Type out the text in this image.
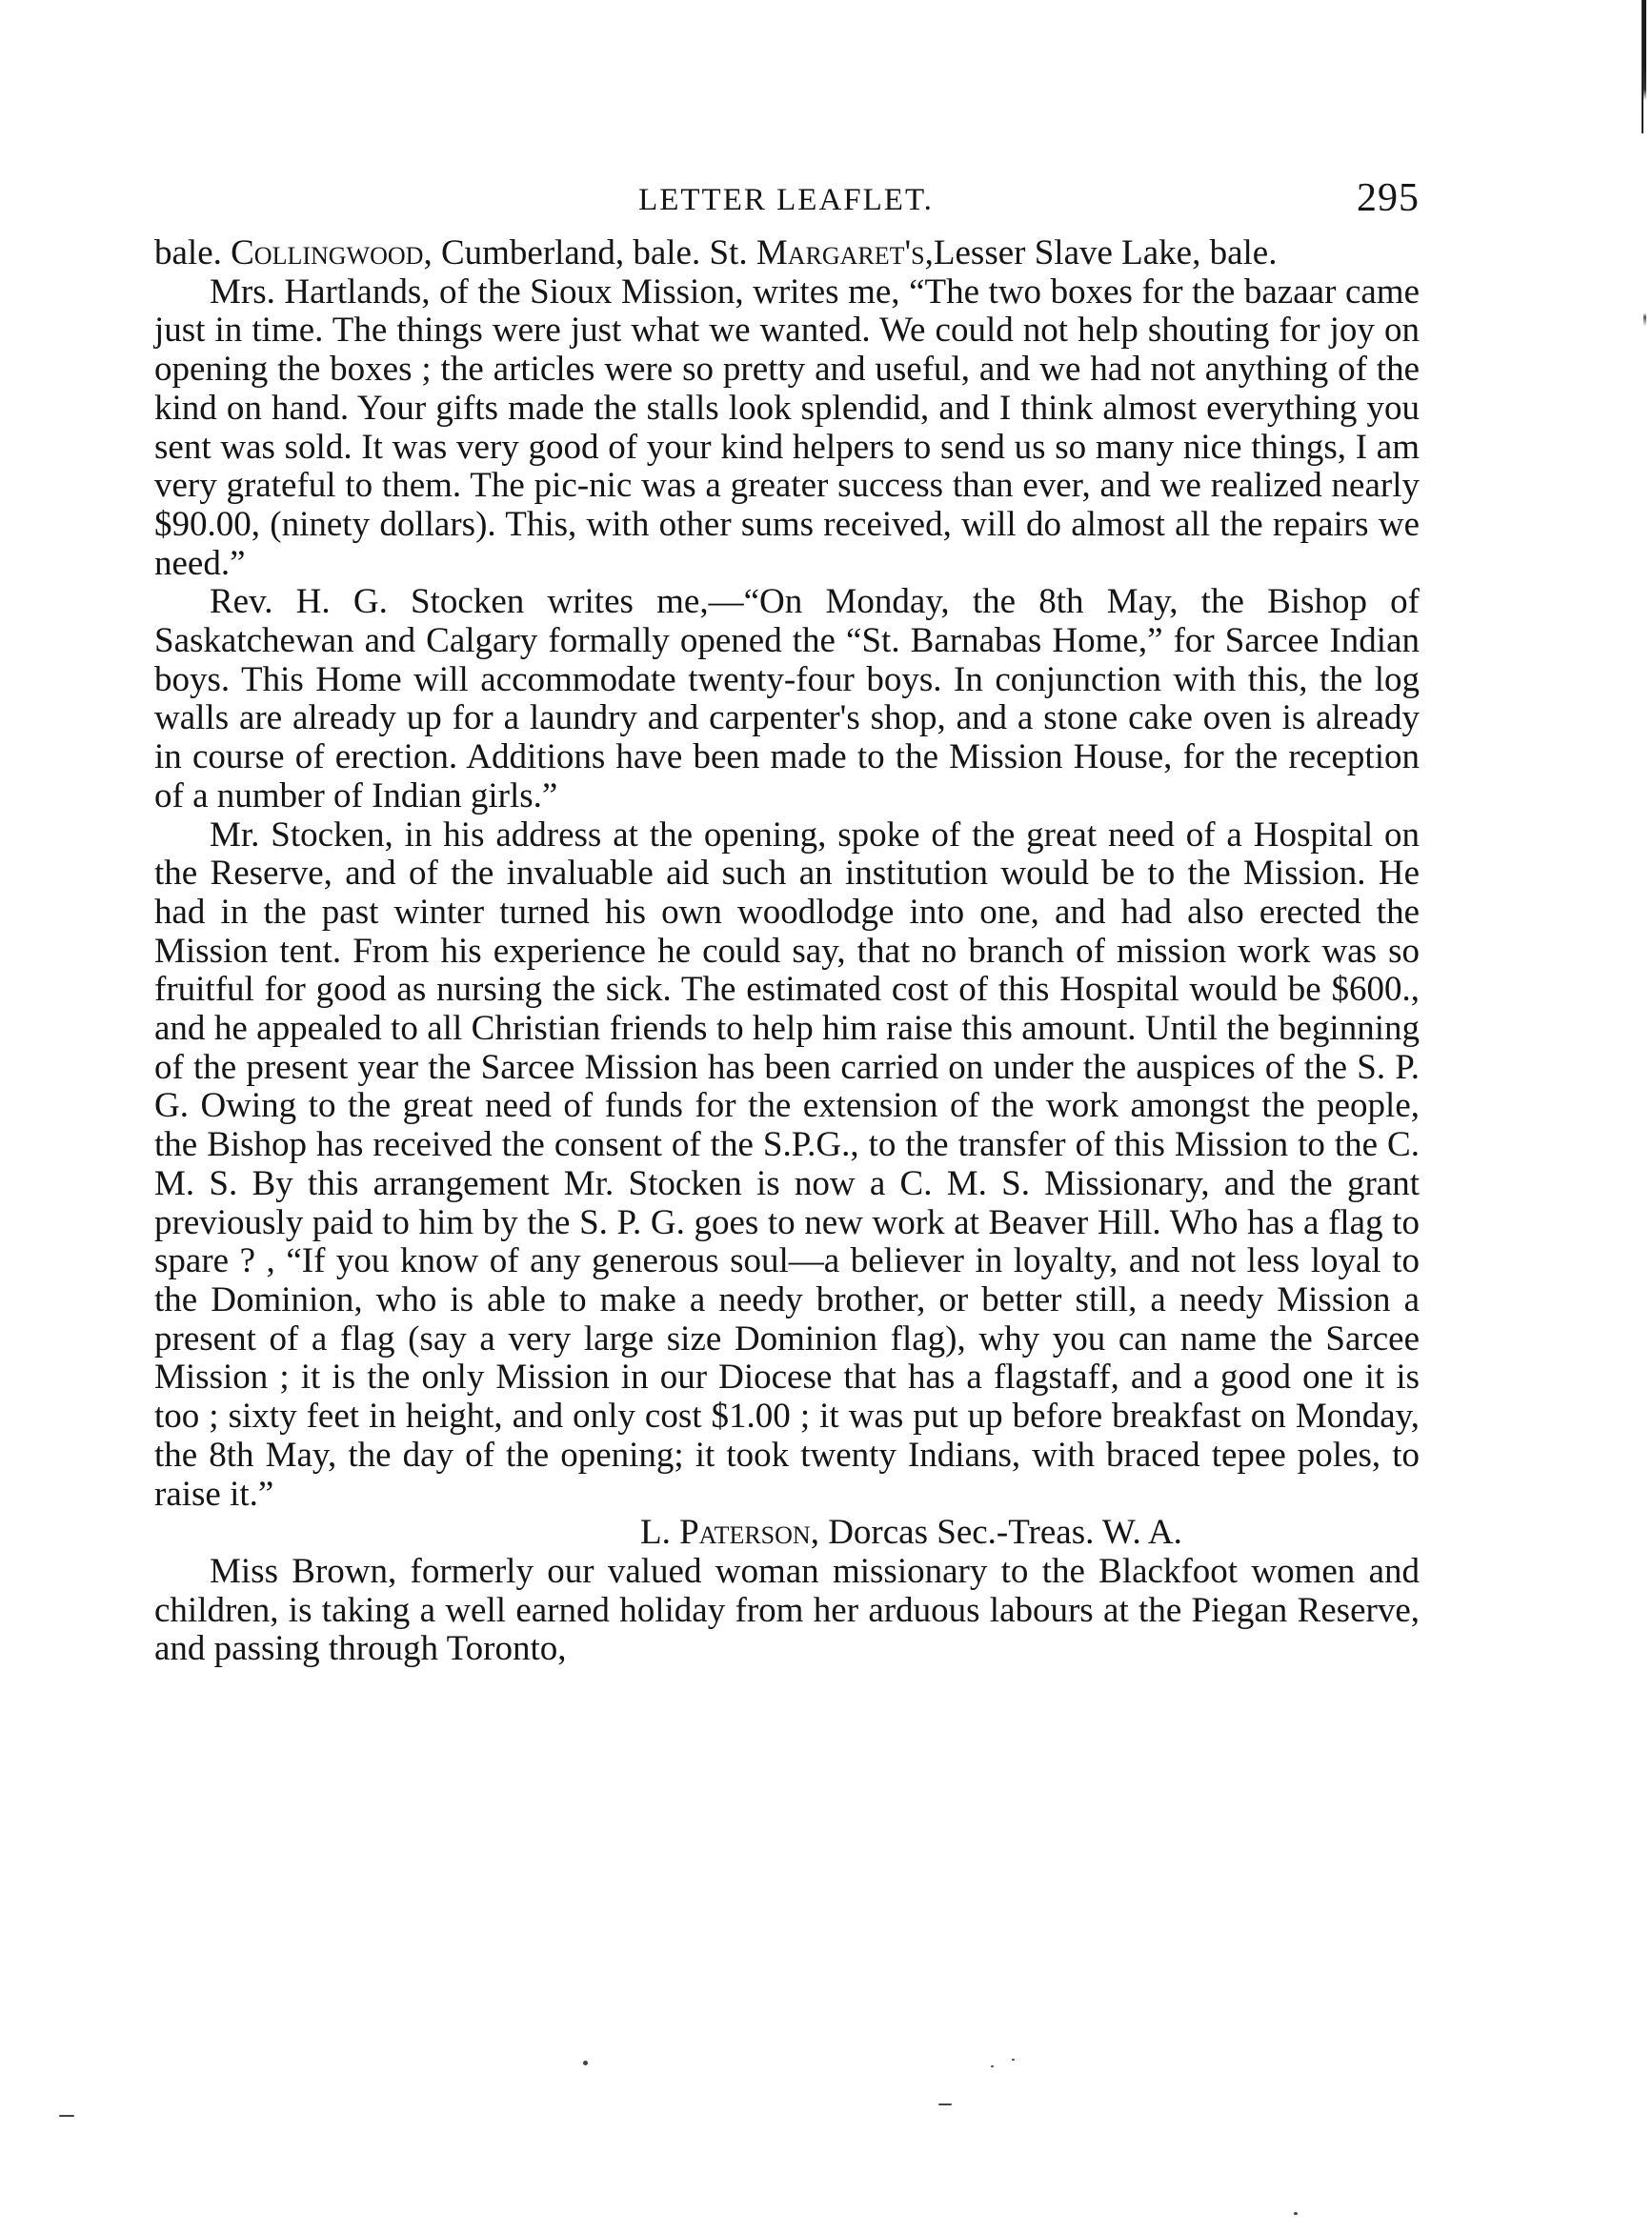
LETTER LEAFLET.	295

bale. Collingwood, Cumberland, bale. St. Margaret's,Lesser Slave Lake, bale.

Mrs. Hartlands, of the Sioux Mission, writes me, “The two boxes for the bazaar came just in time. The things were just what we wanted. We could not help shouting for joy on opening the boxes ; the articles were so pretty and useful, and we had not anything of the kind on hand. Your gifts made the stalls look splendid, and I think almost everything you sent was sold. It was very good of your kind helpers to send us so many nice things, I am very grateful to them. The pic-nic was a greater success than ever, and we realized nearly $90.00, (ninety dollars). This, with other sums received, will do almost all the repairs we need.”

Rev. H. G. Stocken writes me,—“On Monday, the 8th May, the Bishop of Saskatchewan and Calgary formally opened the “St. Barnabas Home,” for Sarcee Indian boys. This Home will accommodate twenty-four boys. In conjunction with this, the log walls are already up for a laundry and carpenter's shop, and a stone cake oven is already in course of erection. Additions have been made to the Mission House, for the reception of a number of Indian girls.”

Mr. Stocken, in his address at the opening, spoke of the great need of a Hospital on the Reserve, and of the invaluable aid such an institution would be to the Mission. He had in the past winter turned his own woodlodge into one, and had also erected the Mission tent. From his experience he could say, that no branch of mission work was so fruitful for good as nursing the sick. The estimated cost of this Hospital would be $600., and he appealed to all Christian friends to help him raise this amount. Until the beginning of the present year the Sarcee Mission has been carried on under the auspices of the S. P. G. Owing to the great need of funds for the extension of the work amongst the people, the Bishop has received the consent of the S.P.G., to the transfer of this Mission to the C. M. S. By this arrangement Mr. Stocken is now a C. M. S. Missionary, and the grant previously paid to him by the S. P. G. goes to new work at Beaver Hill. Who has a flag to spare ? , “If you know of any generous soul—a believer in loyalty, and not less loyal to the Dominion, who is able to make a needy brother, or better still, a needy Mission a present of a flag (say a very large size Dominion flag), why you can name the Sarcee Mission ; it is the only Mission in our Diocese that has a flagstaff, and a good one it is too ; sixty feet in height, and only cost $1.00 ; it was put up before breakfast on Monday, the 8th May, the day of the opening; it took twenty Indians, with braced tepee poles, to raise it.”

L. Paterson, Dorcas Sec.-Treas. W. A.

Miss Brown, formerly our valued woman missionary to the Blackfoot women and children, is taking a well earned holiday from her arduous labours at the Piegan Reserve, and passing through Toronto,
